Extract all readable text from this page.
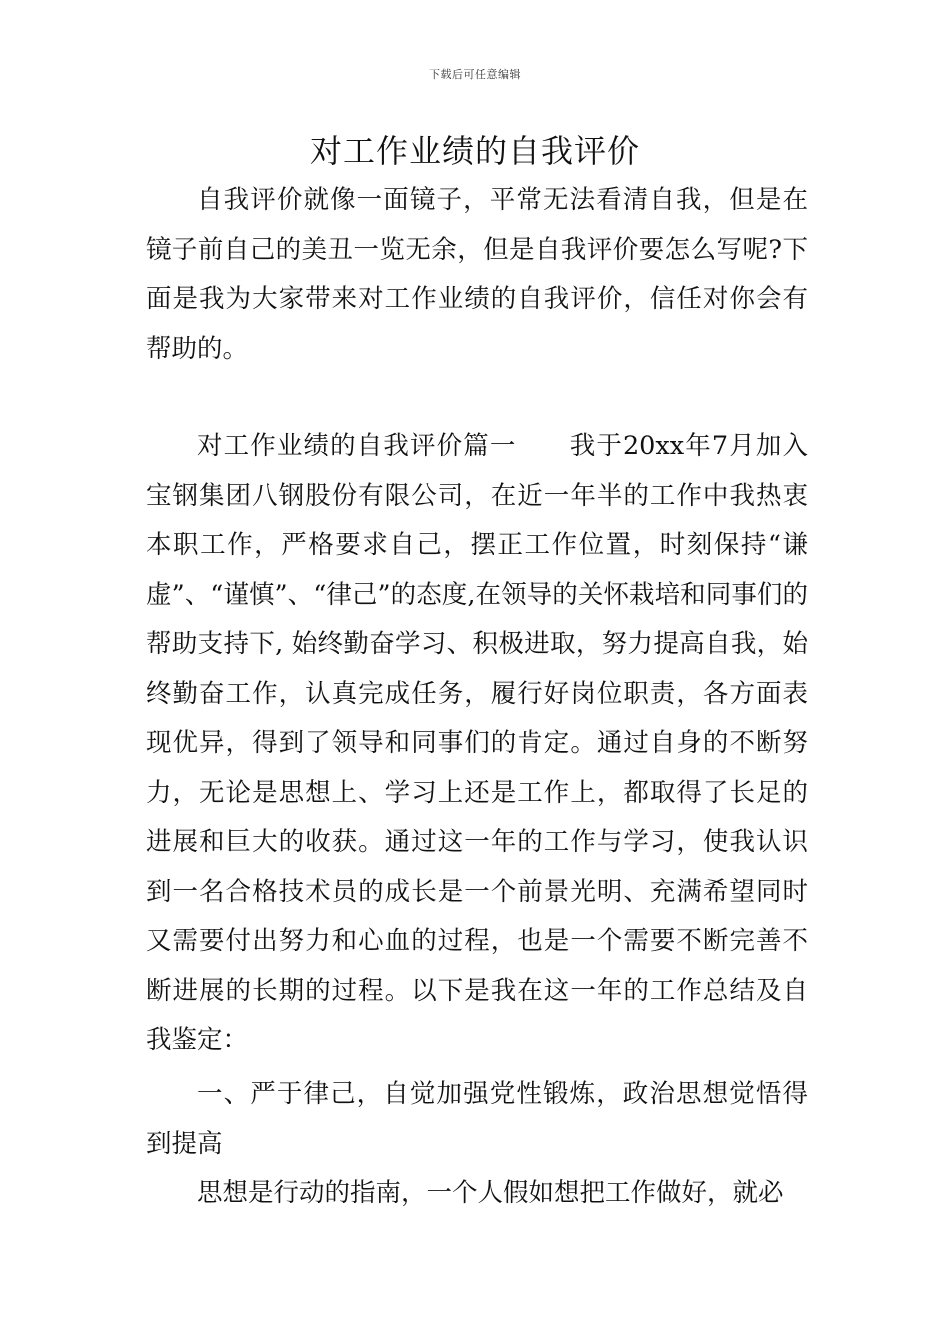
下载后可任意编辑
对工作业绩的自我评价

自我评价就像一面镜子，平常无法看清自我，但是在镜子前自己的美丑一览无余，但是自我评价要怎么写呢?下面是我为大家带来对工作业绩的自我评价，信任对你会有帮助的。

对工作业绩的自我评价篇一　　我于20xx年7月加入宝钢集团八钢股份有限公司，在近一年半的工作中我热衷本职工作，严格要求自己，摆正工作位置，时刻保持“谦虚”、“谨慎”、“律己”的态度,在领导的关怀栽培和同事们的帮助支持下, 始终勤奋学习、积极进取，努力提高自我，始终勤奋工作，认真完成任务，履行好岗位职责，各方面表现优异，得到了领导和同事们的肯定。通过自身的不断努力，无论是思想上、学习上还是工作上，都取得了长足的进展和巨大的收获。通过这一年的工作与学习，使我认识到一名合格技术员的成长是一个前景光明、充满希望同时又需要付出努力和心血的过程，也是一个需要不断完善不断进展的长期的过程。以下是我在这一年的工作总结及自我鉴定：

一、严于律己，自觉加强党性锻炼，政治思想觉悟得到提高

思想是行动的指南，一个人假如想把工作做好，就必
